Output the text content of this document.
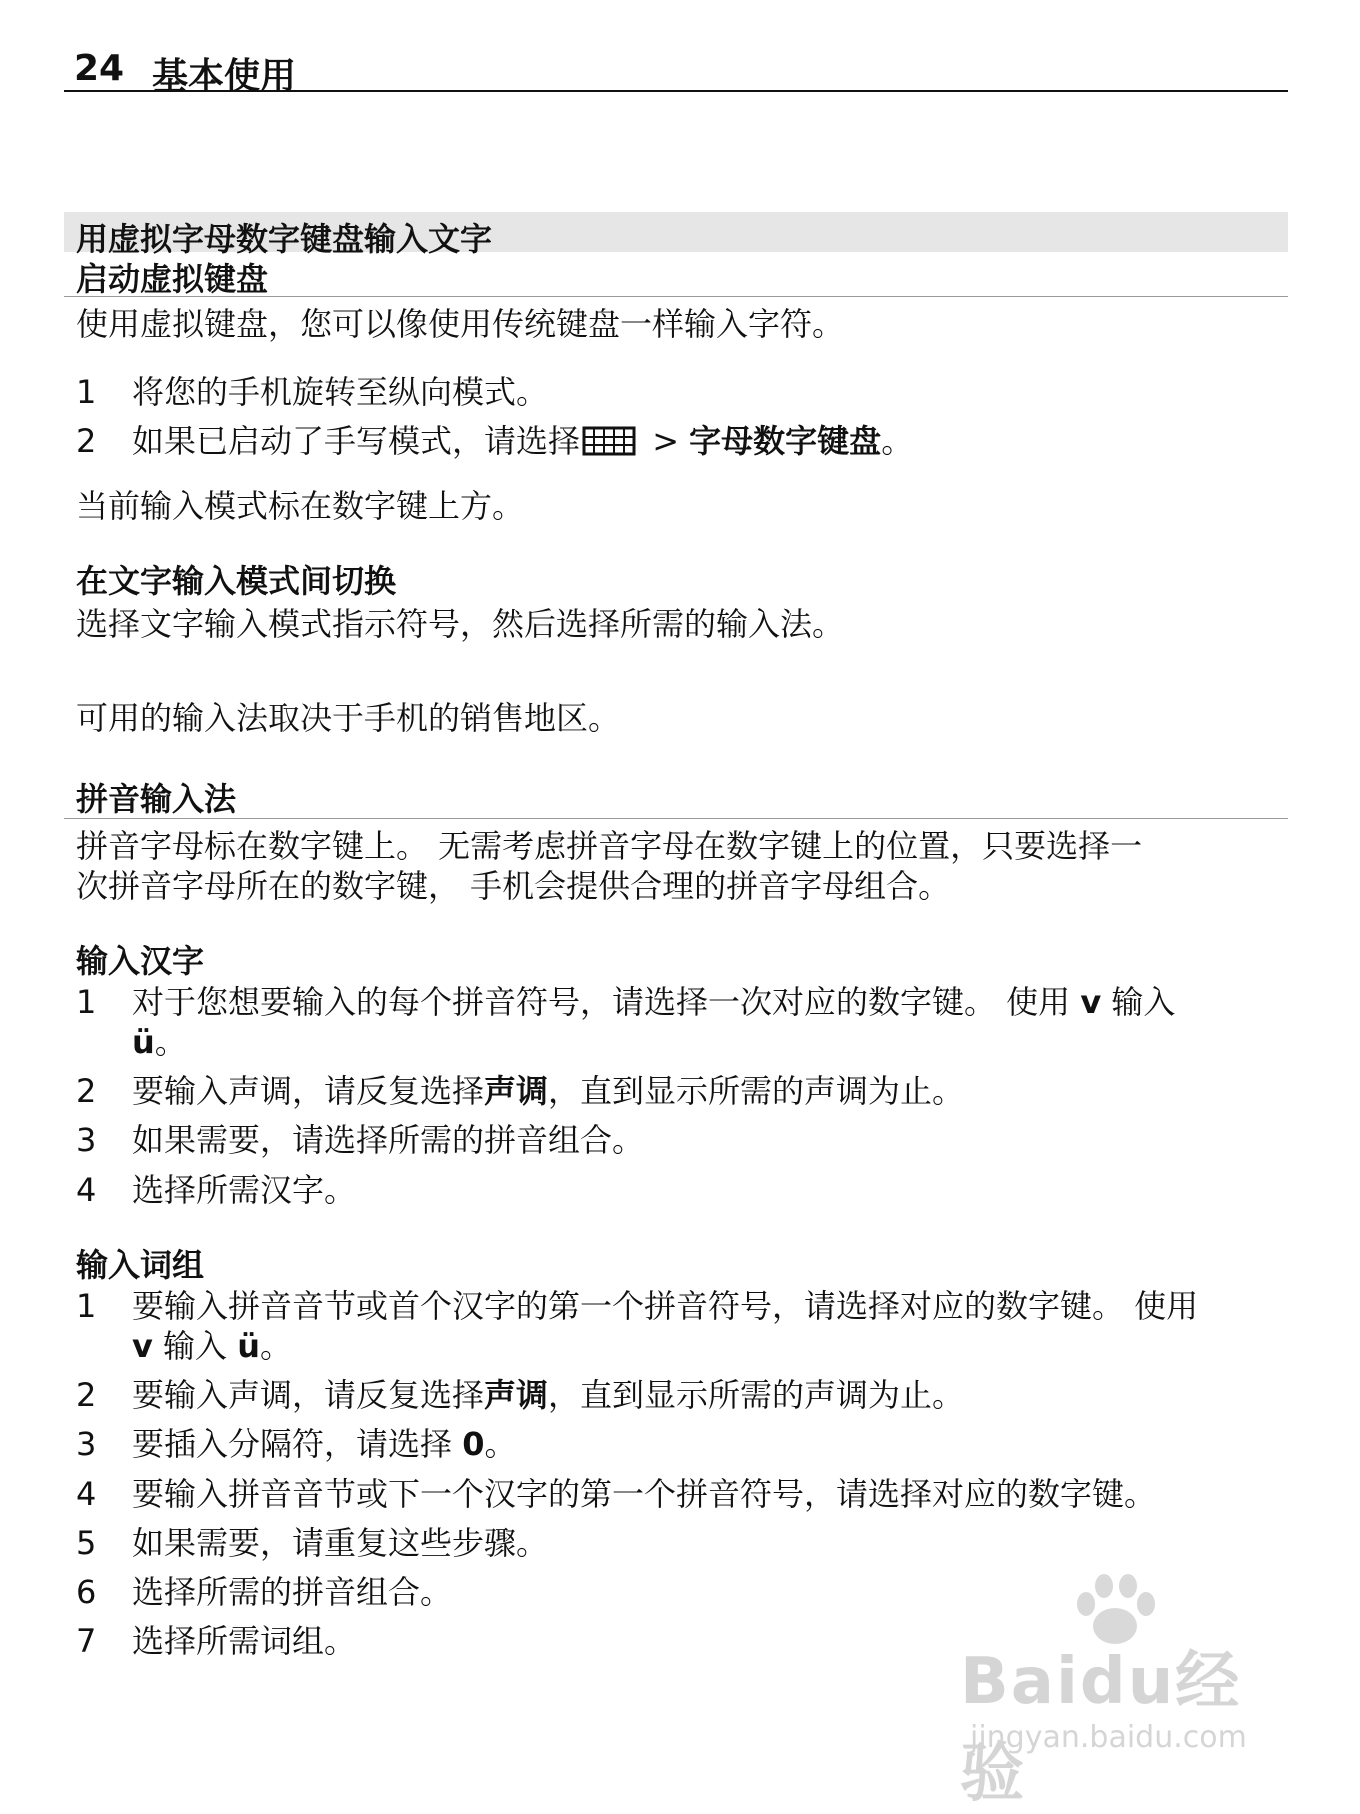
24 基本使用
用虚拟字母数字键盘输入文字
启动虚拟键盘
使用虚拟键盘，您可以像使用传统键盘一样输入字符。
1	将您的手机旋转至纵向模式。
2	如果已启动了手写模式，请选择 > 字母数字键盘。
当前输入模式标在数字键上方。
在文字输入模式间切换
选择文字输入模式指示符号，然后选择所需的输入法。
可用的输入法取决于手机的销售地区。
拼音输入法
拼音字母标在数字键上。 无需考虑拼音字母在数字键上的位置，只要选择一
次拼音字母所在的数字键， 手机会提供合理的拼音字母组合。
输入汉字
1	对于您想要输入的每个拼音符号，请选择一次对应的数字键。 使用 v 输入
ü。
2	要输入声调，请反复选择声调，直到显示所需的声调为止。
3	如果需要，请选择所需的拼音组合。
4	选择所需汉字。
输入词组
1	要输入拼音音节或首个汉字的第一个拼音符号，请选择对应的数字键。 使用
v 输入 ü。
2	要输入声调，请反复选择声调，直到显示所需的声调为止。
3	要插入分隔符，请选择 0。
4	要输入拼音音节或下一个汉字的第一个拼音符号，请选择对应的数字键。
5	如果需要，请重复这些步骤。
6	选择所需的拼音组合。
7	选择所需词组。
Baidu经验
jingyan.baidu.com
